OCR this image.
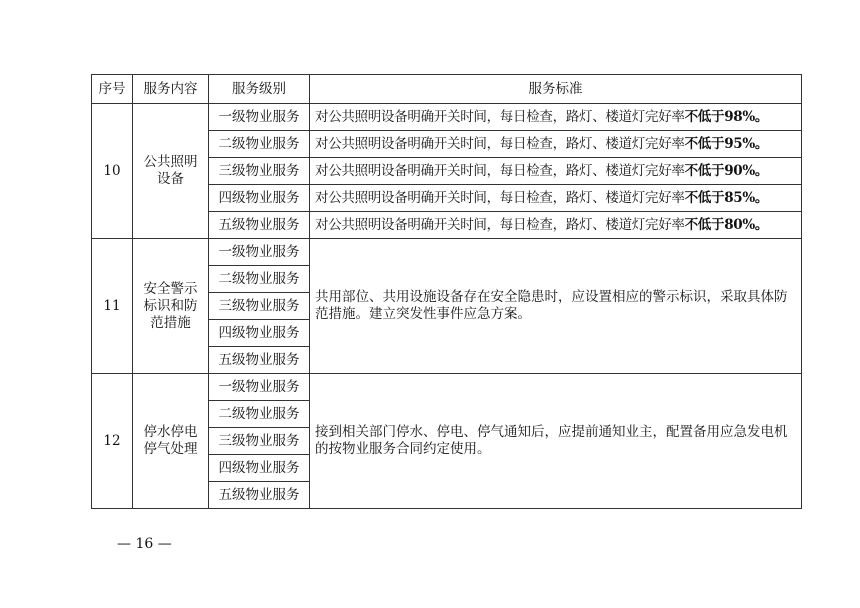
序号	服务内容	服务级别	服务标准
10	公共照明设备	一级物业服务	对公共照明设备明确开关时间，每日检查，路灯、楼道灯完好率不低于98%。
		二级物业服务	对公共照明设备明确开关时间，每日检查，路灯、楼道灯完好率不低于95%。
		三级物业服务	对公共照明设备明确开关时间，每日检查，路灯、楼道灯完好率不低于90%。
		四级物业服务	对公共照明设备明确开关时间，每日检查，路灯、楼道灯完好率不低于85%。
		五级物业服务	对公共照明设备明确开关时间，每日检查，路灯、楼道灯完好率不低于80%。
11	安全警示标识和防范措施	一级物业服务	共用部位、共用设施设备存在安全隐患时，应设置相应的警示标识，采取具体防范措施。建立突发性事件应急方案。
		二级物业服务	
		三级物业服务	
		四级物业服务	
		五级物业服务	
12	停水停电停气处理	一级物业服务	接到相关部门停水、停电、停气通知后，应提前通知业主，配置备用应急发电机的按物业服务合同约定使用。
		二级物业服务	
		三级物业服务	
		四级物业服务	
		五级物业服务	
— 16 —
